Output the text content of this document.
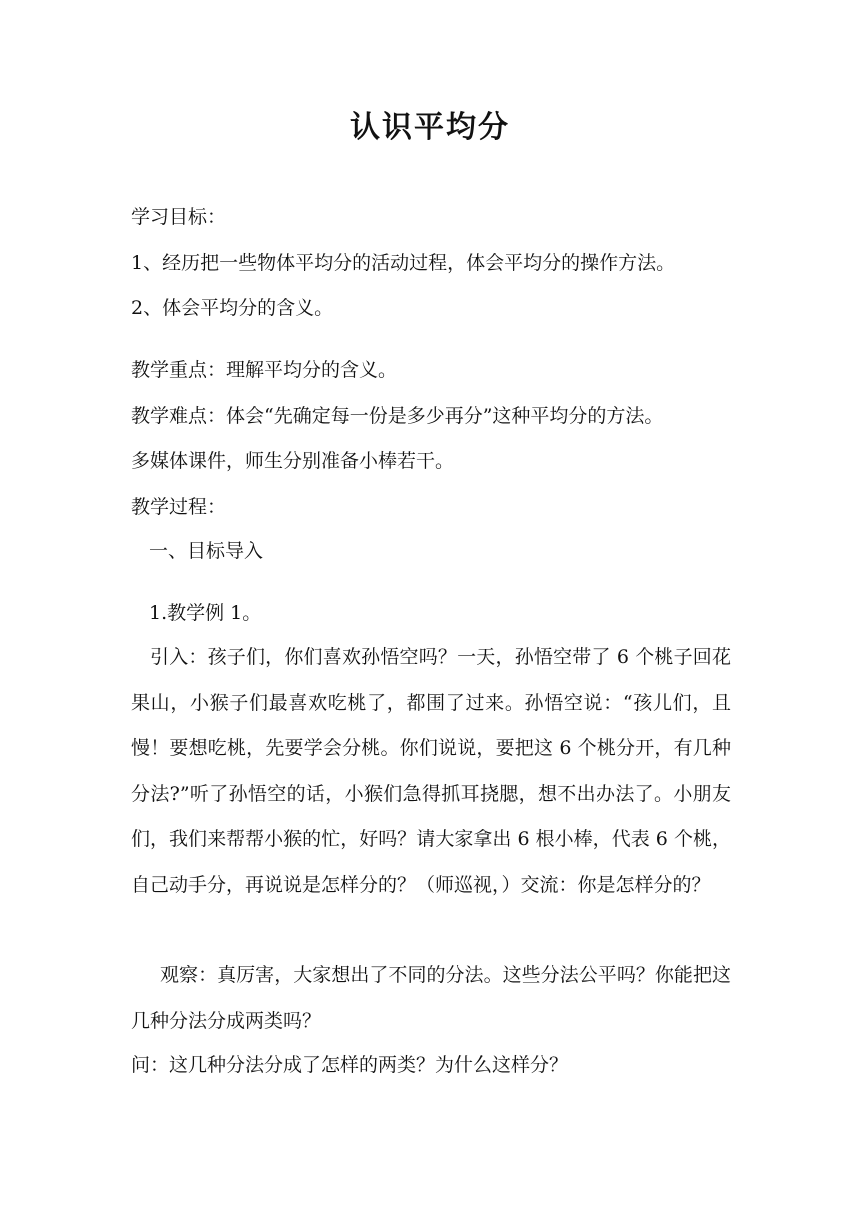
认识平均分
学习目标：
1、经历把一些物体平均分的活动过程，体会平均分的操作方法。
2、体会平均分的含义。
教学重点：理解平均分的含义。
教学难点：体会“先确定每一份是多少再分”这种平均分的方法。
多媒体课件，师生分别准备小棒若干。
教学过程：
一、目标导入
1.教学例 1。
引入：孩子们，你们喜欢孙悟空吗？一天，孙悟空带了 6 个桃子回花果山，小猴子们最喜欢吃桃了，都围了过来。孙悟空说：“孩儿们，且慢！要想吃桃，先要学会分桃。你们说说，要把这 6 个桃分开，有几种分法?”听了孙悟空的话，小猴们急得抓耳挠腮，想不出办法了。小朋友们，我们来帮帮小猴的忙，好吗？请大家拿出 6 根小棒，代表 6 个桃，自己动手分，再说说是怎样分的？（师巡视，）交流：你是怎样分的？
观察：真厉害，大家想出了不同的分法。这些分法公平吗？你能把这几种分法分成两类吗？
问：这几种分法分成了怎样的两类？为什么这样分？
